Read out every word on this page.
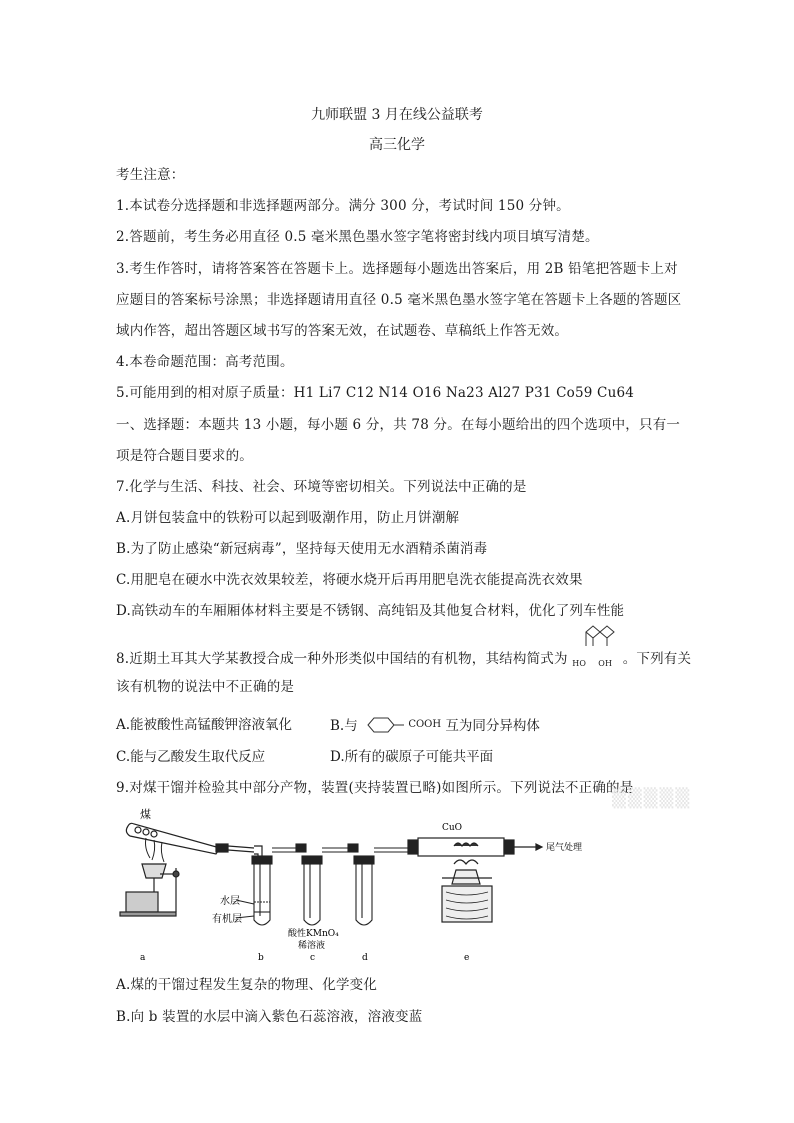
九师联盟 3 月在线公益联考
高三化学
考生注意：
1.本试卷分选择题和非选择题两部分。满分 300 分，考试时间 150 分钟。
2.答题前，考生务必用直径 0.5 毫米黑色墨水签字笔将密封线内项目填写清楚。
3.考生作答时，请将答案答在答题卡上。选择题每小题选出答案后，用 2B 铅笔把答题卡上对
应题目的答案标号涂黑；非选择题请用直径 0.5 毫米黑色墨水签字笔在答题卡上各题的答题区
域内作答，超出答题区域书写的答案无效，在试题卷、草稿纸上作答无效。
4.本卷命题范围：高考范围。
5.可能用到的相对原子质量：H1 Li7 C12 N14 O16 Na23 Al27 P31 Co59 Cu64
一、选择题：本题共 13 小题，每小题 6 分，共 78 分。在每小题给出的四个选项中，只有一
项是符合题目要求的。
7.化学与生活、科技、社会、环境等密切相关。下列说法中正确的是
A.月饼包装盒中的铁粉可以起到吸潮作用，防止月饼潮解
B.为了防止感染“新冠病毒”，坚持每天使用无水酒精杀菌消毒
C.用肥皂在硬水中洗衣效果较差，将硬水烧开后再用肥皂洗衣能提高洗衣效果
D.高铁动车的车厢厢体材料主要是不锈钢、高纯铝及其他复合材料，优化了列车性能
8.近期土耳其大学某教授合成一种外形类似中国结的有机物，其结构简式为 HO OH 。下列有关
该有机物的说法中不正确的是
A.能被酸性高锰酸钾溶液氧化	B.与	$^{COOH}$ 互为同分异构体
C.能与乙酸发生取代反应	D.所有的碳原子可能共平面
9.对煤干馏并检验其中部分产物，装置(夹持装置已略)如图所示。下列说法不正确的是
▒▒▒▒▒
煤
水层
有机层
酸性KMnO₄
稀溶液
CuO
尾气处理
a	b	c	d	e
A.煤的干馏过程发生复杂的物理、化学变化
B.向 b 装置的水层中滴入紫色石蕊溶液，溶液变蓝
